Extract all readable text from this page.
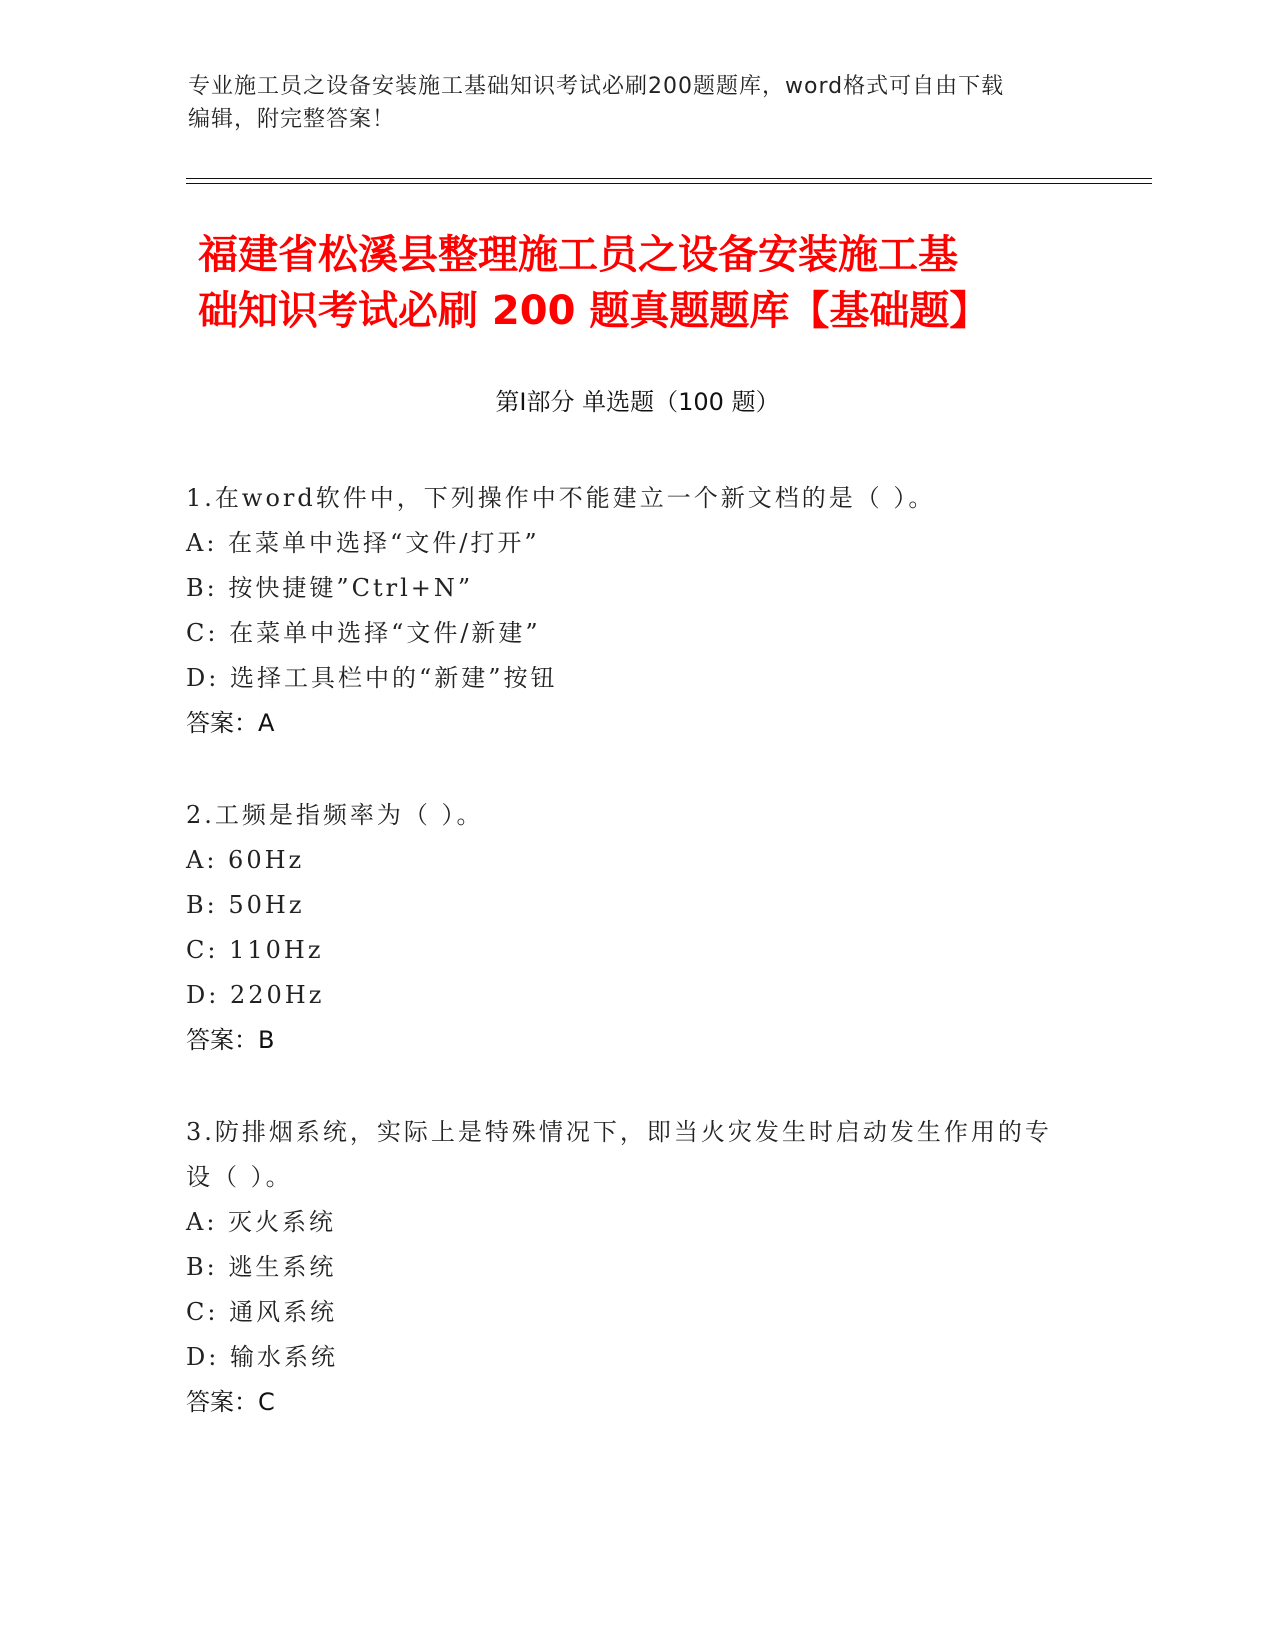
专业施工员之设备安装施工基础知识考试必刷200题题库，word格式可自由下载
编辑，附完整答案！
福建省松溪县整理施工员之设备安装施工基
础知识考试必刷 200 题真题题库【基础题】
第Ⅰ部分 单选题（100 题）
1.在word软件中，下列操作中不能建立一个新文档的是（ ）。
A: 在菜单中选择“文件/打开”
B: 按快捷键”Ctrl+N”
C: 在菜单中选择“文件/新建”
D: 选择工具栏中的“新建”按钮
答案：A
2.工频是指频率为（ ）。
A: 60Hz
B: 50Hz
C: 110Hz
D: 220Hz
答案：B
3.防排烟系统，实际上是特殊情况下，即当火灾发生时启动发生作用的专设（ ）。
A: 灭火系统
B: 逃生系统
C: 通风系统
D: 输水系统
答案：C
